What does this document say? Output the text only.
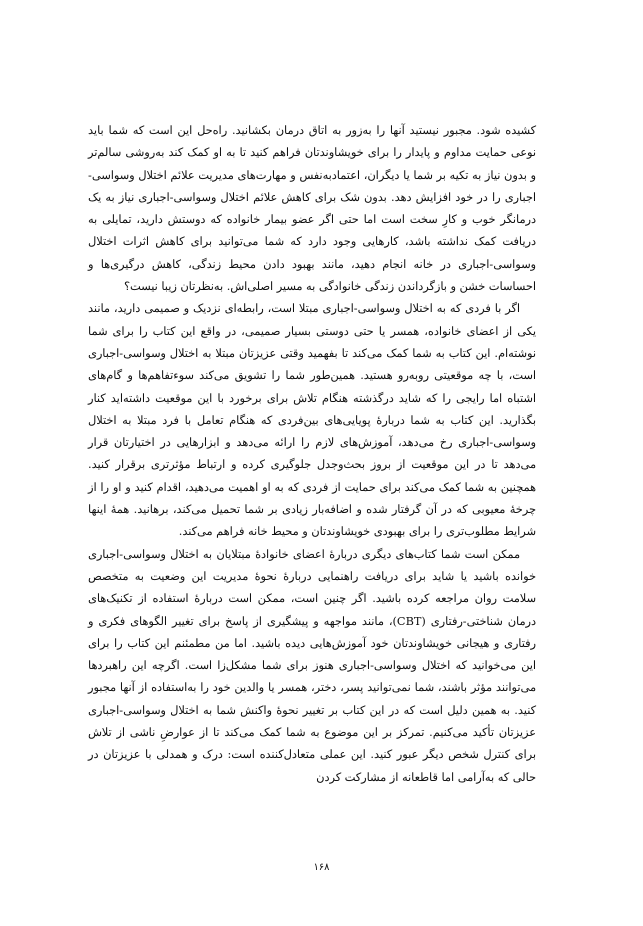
کشیده شود. مجبور نیستید آنها را بەزور به اتاق درمان بکشانید. راه‌حل این است که شما باید نوعی حمایت مداوم و پایدار را برای خویشاوندتان فراهم کنید تا به او کمک کند به‌روشی سالم‌تر و بدون نیاز به تکیه بر شما یا دیگران، اعتمادبه‌نفس و مهارت‌های مدیریت علائم اختلال وسواسی-اجباری را در خود افزایش دهد. بدون شک برای کاهش علائم اختلال وسواسی-اجباری نیاز به یک درمانگر خوب و کارِ سخت است اما حتی اگر عضو بیمار خانواده که دوستش دارید، تمایلی به دریافت کمک نداشته باشد، کارهایی وجود دارد که شما می‌توانید برای کاهش اثرات اختلال وسواسی-اجباری در خانه انجام دهید، مانند بهبود دادن محیط زندگی، کاهش درگیری‌ها و احساسات خشن و بازگرداندن زندگی خانوادگی به مسیر اصلی‌اش. به‌نظرتان زیبا نیست؟

اگر با فردی که به اختلال وسواسی-اجباری مبتلا است، رابطه‌ای نزدیک و صمیمی دارید، مانند یکی از اعضای خانواده، همسر یا حتی دوستی بسیار صمیمی، در واقع این کتاب را برای شما نوشته‌ام. این کتاب به شما کمک می‌کند تا بفهمید وقتی عزیزتان مبتلا به اختلال وسواسی-اجباری است، با چه موقعیتی روبه‌رو هستید. همین‌طور شما را تشویق می‌کند سوءتفاهم‌ها و گام‌های اشتباه اما رایجی را که شاید درگذشته هنگام تلاش برای برخورد با این موقعیت داشته‌اید کنار بگذارید. این کتاب به شما دربارهٔ پویایی‌های بین‌فردی که هنگام تعامل با فرد مبتلا به اختلال وسواسی-اجباری رخ می‌دهد، آموزش‌های لازم را ارائه می‌دهد و ابزارهایی در اختیارتان قرار می‌دهد تا در این موقعیت از بروز بحث‌وجدل جلوگیری کرده و ارتباط مؤثرتری برقرار کنید. همچنین به شما کمک می‌کند برای حمایت از فردی که به او اهمیت می‌دهید، اقدام کنید و او را از چرخهٔ معیوبی که در آن گرفتار شده و اضافه‌بار زیادی بر شما تحمیل می‌کند، برهانید. همهٔ اینها شرایط مطلوب‌تری را برای بهبودی خویشاوندتان و محیط خانه فراهم می‌کند.

ممکن است شما کتاب‌های دیگری دربارهٔ اعضای خانوادهٔ مبتلایان به اختلال وسواسی-اجباری خوانده باشید یا شاید برای دریافت راهنمایی دربارهٔ نحوهٔ مدیریت این وضعیت به متخصص سلامت روان مراجعه کرده باشید. اگر چنین است، ممکن است دربارهٔ استفاده از تکنیک‌های درمان شناختی-رفتاری (CBT)، مانند مواجهه و پیشگیری از پاسخ برای تغییر الگوهای فکری و رفتاری و هیجانی خویشاوندتان خود آموزش‌هایی دیده باشید. اما من مطمئنم این کتاب را برای این می‌خوانید که اختلال وسواسی-اجباری هنوز برای شما مشکل‌زا است. اگرچه این راهبردها می‌توانند مؤثر باشند، شما نمی‌توانید پسر، دختر، همسر یا والدین خود را به‌استفاده از آنها مجبور کنید. به همین دلیل است که در این کتاب بر تغییر نحوهٔ واکنش شما به اختلال وسواسی-اجباری عزیزتان تأکید می‌کنیم. تمرکز بر این موضوع به شما کمک می‌کند تا از عوارضِ ناشی از تلاش برای کنترل شخص دیگر عبور کنید. این عملی متعادل‌کننده است: درک و همدلی با عزیزتان در حالی که به‌آرامی اما قاطعانه از مشارکت کردن

۱۶۸
